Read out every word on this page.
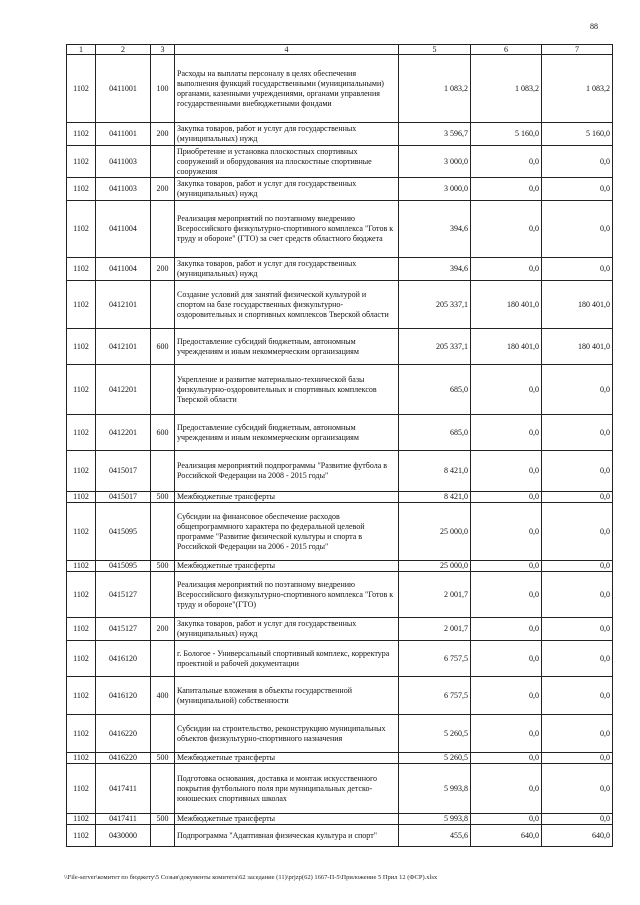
88
1	2	3	4	5	6	7
1102	0411001	100	Расходы на выплаты персоналу в целях обеспечения выполнения функций государственными (муниципальными) органами, казенными учреждениями, органами управления государственными внебюджетными фондами	1 083,2	1 083,2	1 083,2
1102	0411001	200	Закупка товаров, работ и услуг для государственных (муниципальных) нужд	3 596,7	5 160,0	5 160,0
1102	0411003		Приобретение и установка плоскостных спортивных сооружений и оборудования на плоскостные спортивные сооружения	3 000,0	0,0	0,0
1102	0411003	200	Закупка товаров, работ и услуг для государственных (муниципальных) нужд	3 000,0	0,0	0,0
1102	0411004		Реализация мероприятий по поэтапному внедрению Всероссийского физкультурно-спортивного комплекса "Готов к труду и обороне" (ГТО) за счет средств областного бюджета	394,6	0,0	0,0
1102	0411004	200	Закупка товаров, работ и услуг для государственных (муниципальных) нужд	394,6	0,0	0,0
1102	0412101		Создание условий для занятий физической культурой и спортом на базе государственных физкультурно-оздоровительных и спортивных комплексов Тверской области	205 337,1	180 401,0	180 401,0
1102	0412101	600	Предоставление субсидий бюджетным, автономным учреждениям и иным некоммерческим организациям	205 337,1	180 401,0	180 401,0
1102	0412201		Укрепление и развитие материально-технической базы физкультурно-оздоровительных и спортивных комплексов Тверской области	685,0	0,0	0,0
1102	0412201	600	Предоставление субсидий бюджетным, автономным учреждениям и иным некоммерческим организациям	685,0	0,0	0,0
1102	0415017		Реализация мероприятий подпрограммы "Развитие футбола в Российской Федерации на 2008 - 2015 годы"	8 421,0	0,0	0,0
1102	0415017	500	Межбюджетные трансферты	8 421,0	0,0	0,0
1102	0415095		Субсидии на финансовое обеспечение расходов общепрограммного характера по федеральной целевой программе "Развитие физической культуры и спорта в Российской Федерации на 2006 - 2015 годы"	25 000,0	0,0	0,0
1102	0415095	500	Межбюджетные трансферты	25 000,0	0,0	0,0
1102	0415127		Реализация мероприятий по поэтапному внедрению Всероссийского физкультурно-спортивного комплекса "Готов к труду и обороне"(ГТО)	2 001,7	0,0	0,0
1102	0415127	200	Закупка товаров, работ и услуг для государственных (муниципальных) нужд	2 001,7	0,0	0,0
1102	0416120		г. Бологое - Универсальный спортивный комплекс, корректура проектной и рабочей документации	6 757,5	0,0	0,0
1102	0416120	400	Капитальные вложения в объекты государственной (муниципальной) собственности	6 757,5	0,0	0,0
1102	0416220		Субсидии на строительство, реконструкцию муниципальных объектов физкультурно-спортивного назначения	5 260,5	0,0	0,0
1102	0416220	500	Межбюджетные трансферты	5 260,5	0,0	0,0
1102	0417411		Подготовка основания, доставка и монтаж искусственного покрытия футбольного поля при муниципальных детско-юношеских спортивных школах	5 993,8	0,0	0,0
1102	0417411	500	Межбюджетные трансферты	5 993,8	0,0	0,0
1102	0430000		Подпрограмма "Адаптивная физическая культура и спорт"	455,6	640,0	640,0
\\File-server\комитет по бюджету\5 Созыв\документы комитета\62 заседание (11)\prjzp(62) 1667-П-5\Приложение 5 Прил 12 (ФСР).xlsx
